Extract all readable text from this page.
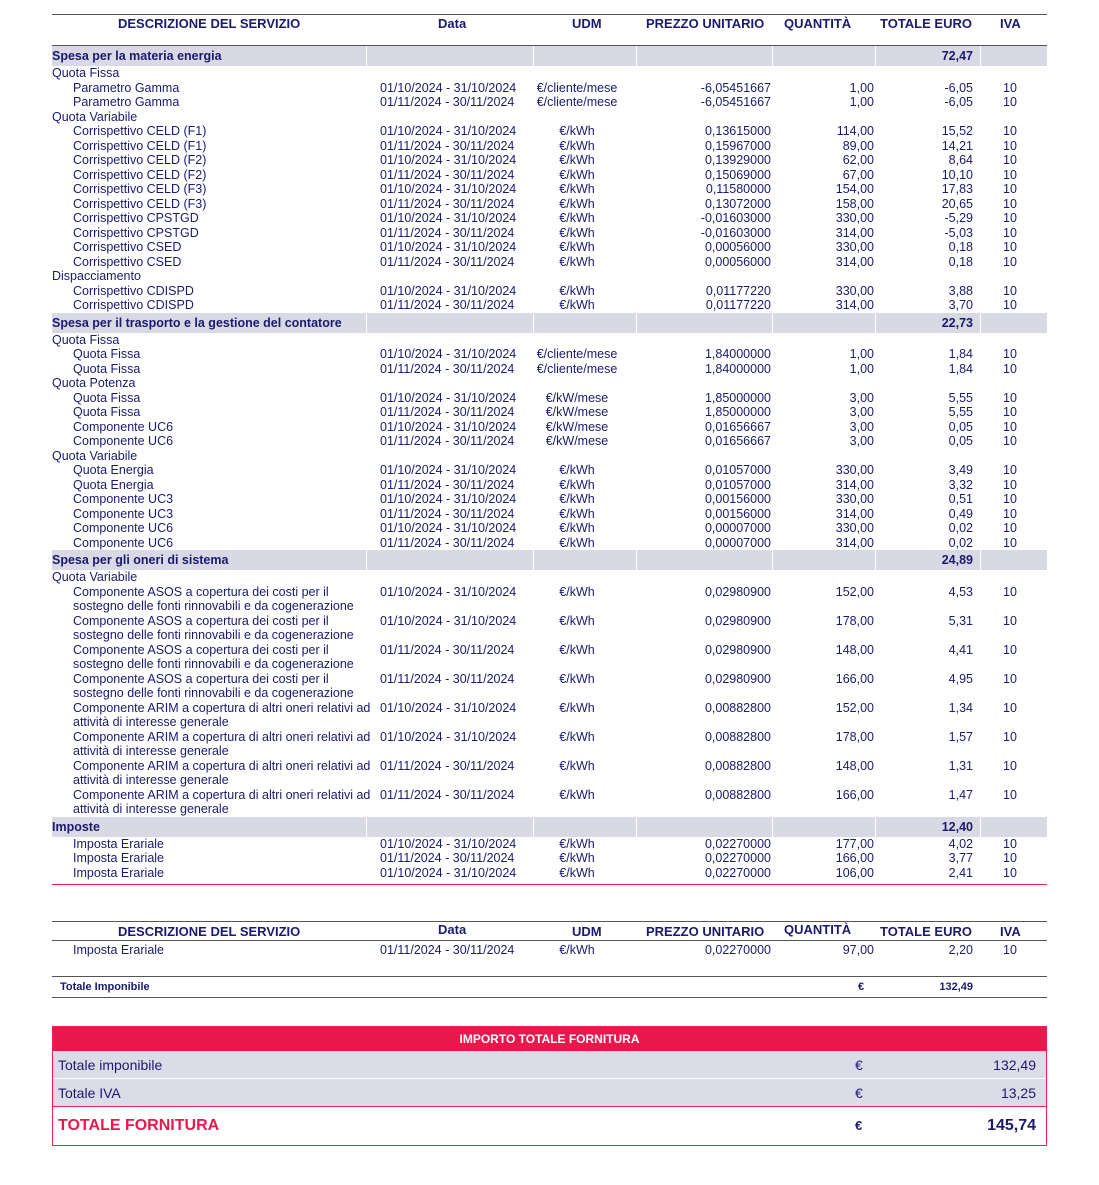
DESCRIZIONE DEL SERVIZIO	Data	UDM	PREZZO UNITARIO QUANTITÀ TOTALE EURO IVA
Spesa per la materia energia	72,47
Quota Fissa
Parametro Gamma	01/10/2024 - 31/10/2024	€/cliente/mese	-6,05451667	1,00	-6,05 10
Parametro Gamma	01/11/2024 - 30/11/2024	€/cliente/mese	-6,05451667	1,00	-6,05 10
Quota Variabile
Corrispettivo CELD (F1)	01/10/2024 - 31/10/2024	€/kWh	0,13615000	114,00	15,52 10
Corrispettivo CELD (F1)	01/11/2024 - 30/11/2024	€/kWh	0,15967000	89,00	14,21 10
Corrispettivo CELD (F2)	01/10/2024 - 31/10/2024	€/kWh	0,13929000	62,00	8,64 10
Corrispettivo CELD (F2)	01/11/2024 - 30/11/2024	€/kWh	0,15069000	67,00	10,10 10
Corrispettivo CELD (F3)	01/10/2024 - 31/10/2024	€/kWh	0,11580000	154,00	17,83 10
Corrispettivo CELD (F3)	01/11/2024 - 30/11/2024	€/kWh	0,13072000	158,00	20,65 10
Corrispettivo CPSTGD	01/10/2024 - 31/10/2024	€/kWh	-0,01603000	330,00	-5,29 10
Corrispettivo CPSTGD	01/11/2024 - 30/11/2024	€/kWh	-0,01603000	314,00	-5,03 10
Corrispettivo CSED	01/10/2024 - 31/10/2024	€/kWh	0,00056000	330,00	0,18 10
Corrispettivo CSED	01/11/2024 - 30/11/2024	€/kWh	0,00056000	314,00	0,18 10
Dispacciamento
Corrispettivo CDISPD	01/10/2024 - 31/10/2024	€/kWh	0,01177220	330,00	3,88 10
Corrispettivo CDISPD	01/11/2024 - 30/11/2024	€/kWh	0,01177220	314,00	3,70 10
Spesa per il trasporto e la gestione del contatore	22,73
Quota Fissa
Quota Fissa	01/10/2024 - 31/10/2024	€/cliente/mese	1,84000000	1,00	1,84 10
Quota Fissa	01/11/2024 - 30/11/2024	€/cliente/mese	1,84000000	1,00	1,84 10
Quota Potenza
Quota Fissa	01/10/2024 - 31/10/2024	€/kW/mese	1,85000000	3,00	5,55 10
Quota Fissa	01/11/2024 - 30/11/2024	€/kW/mese	1,85000000	3,00	5,55 10
Componente UC6	01/10/2024 - 31/10/2024	€/kW/mese	0,01656667	3,00	0,05 10
Componente UC6	01/11/2024 - 30/11/2024	€/kW/mese	0,01656667	3,00	0,05 10
Quota Variabile
Quota Energia	01/10/2024 - 31/10/2024	€/kWh	0,01057000	330,00	3,49 10
Quota Energia	01/11/2024 - 30/11/2024	€/kWh	0,01057000	314,00	3,32 10
Componente UC3	01/10/2024 - 31/10/2024	€/kWh	0,00156000	330,00	0,51 10
Componente UC3	01/11/2024 - 30/11/2024	€/kWh	0,00156000	314,00	0,49 10
Componente UC6	01/10/2024 - 31/10/2024	€/kWh	0,00007000	330,00	0,02 10
Componente UC6	01/11/2024 - 30/11/2024	€/kWh	0,00007000	314,00	0,02 10
Spesa per gli oneri di sistema	24,89
Quota Variabile
Componente ASOS a copertura dei costi per il sostegno delle fonti rinnovabili e da cogenerazione
01/10/2024 - 31/10/2024	€/kWh	0,02980900	152,00	4,53 10
Componente ASOS a copertura dei costi per il sostegno delle fonti rinnovabili e da cogenerazione
01/10/2024 - 31/10/2024	€/kWh	0,02980900	178,00	5,31 10
Componente ASOS a copertura dei costi per il sostegno delle fonti rinnovabili e da cogenerazione
01/11/2024 - 30/11/2024	€/kWh	0,02980900	148,00	4,41 10
Componente ASOS a copertura dei costi per il sostegno delle fonti rinnovabili e da cogenerazione
01/11/2024 - 30/11/2024	€/kWh	0,02980900	166,00	4,95 10
Componente ARIM a copertura di altri oneri relativi ad attività di interesse generale
01/10/2024 - 31/10/2024	€/kWh	0,00882800	152,00	1,34 10
Componente ARIM a copertura di altri oneri relativi ad attività di interesse generale
01/10/2024 - 31/10/2024	€/kWh	0,00882800	178,00	1,57 10
Componente ARIM a copertura di altri oneri relativi ad attività di interesse generale
01/11/2024 - 30/11/2024	€/kWh	0,00882800	148,00	1,31 10
Componente ARIM a copertura di altri oneri relativi ad attività di interesse generale
01/11/2024 - 30/11/2024	€/kWh	0,00882800	166,00	1,47 10
Imposte	12,40
Imposta Erariale	01/10/2024 - 31/10/2024	€/kWh	0,02270000	177,00	4,02 10
Imposta Erariale	01/11/2024 - 30/11/2024	€/kWh	0,02270000	166,00	3,77 10
Imposta Erariale	01/10/2024 - 31/10/2024	€/kWh	0,02270000	106,00	2,41 10
DESCRIZIONE DEL SERVIZIO	Data	UDM	PREZZO UNITARIO QUANTITÀ TOTALE EURO IVA
Imposta Erariale	01/11/2024 - 30/11/2024	€/kWh	0,02270000	97,00	2,20 10
Totale Imponibile	€	132,49
IMPORTO TOTALE FORNITURA
Totale imponibile	€	132,49
Totale IVA	€	13,25
TOTALE FORNITURA	€	145,74
